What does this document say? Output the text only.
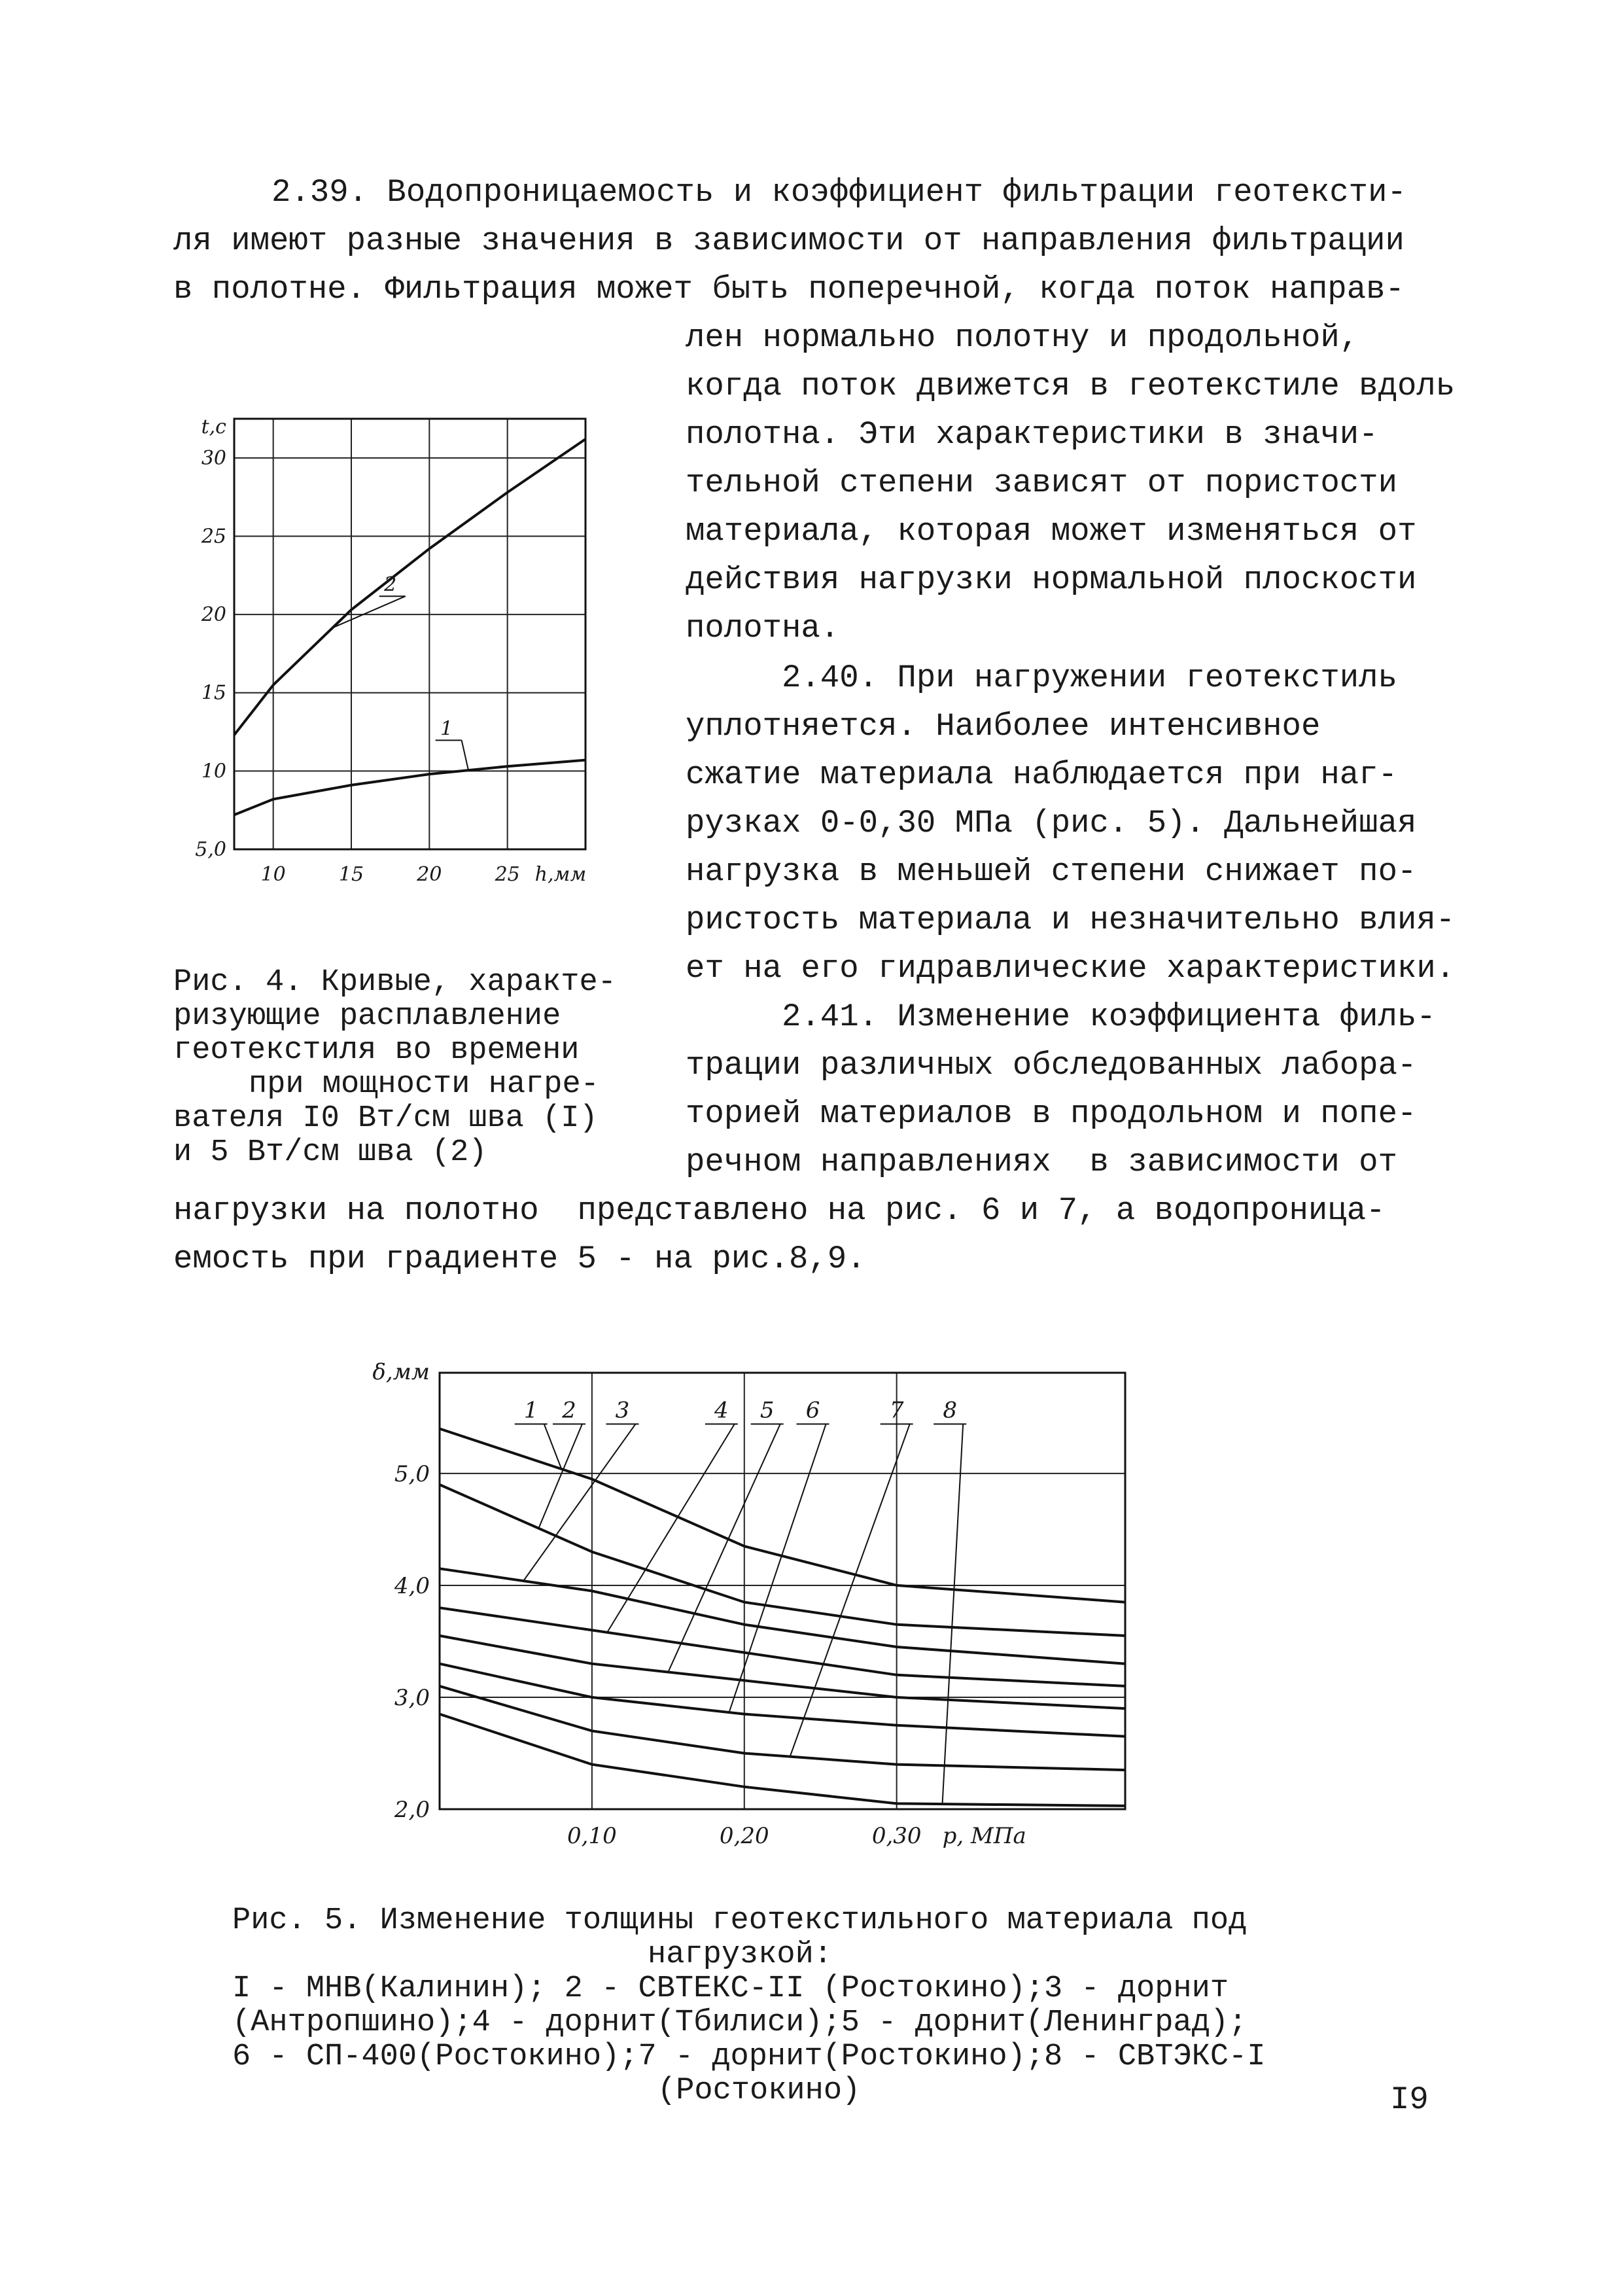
2.39. Водопроницаемость и коэффициент фильтрации геотексти-
ля имеют разные значения в зависимости от направления фильтрации
в полотне. Фильтрация может быть поперечной, когда поток направ-
лен нормально полотну и продольной,
когда поток движется в геотекстиле вдоль
полотна. Эти характеристики в значи-
тельной степени зависят от пористости
материала, которая может изменяться от
действия нагрузки нормальной плоскости
полотна.
2.40. При нагружении геотекстиль
уплотняется. Наиболее интенсивное
сжатие материала наблюдается при наг-
рузках 0-0,30 МПа (рис. 5). Дальнейшая
нагрузка в меньшей степени снижает по-
ристость материала и незначительно влия-
ет на его гидравлические характеристики.
2.41. Изменение коэффициента филь-
трации различных обследованных лабора-
торией материалов в продольном и попе-
речном направлениях  в зависимости от
нагрузки на полотно  представлено на рис. 6 и 7, а водопроница-
емость при градиенте 5 - на рис.8,9.
Рис. 4. Кривые, характе-
ризующие расплавление
геотекстиля во времени
при мощности нагре-
вателя I0 Вт/см шва (I)
и 5 Вт/см шва (2)
Рис. 5. Изменение толщины геотекстильного материала под
нагрузкой:
I - МНВ(Калинин); 2 - СВТЕКС-II (Ростокино);3 - дорнит
(Антропшино);4 - дорнит(Тбилиси);5 - дорнит(Ленинград);
6 - СП-400(Ростокино);7 - дорнит(Ростокино);8 - СВТЭКС-I
(Ростокино)	I9
5,0
10
15
20
25
30
t,с
10	15	20	25 h,мм
1
2
2,0
3,0
4,0
5,0
δ,мм
0,10	0,20	0,30 p, МПа
1 2 3	4 5 6	7 8
